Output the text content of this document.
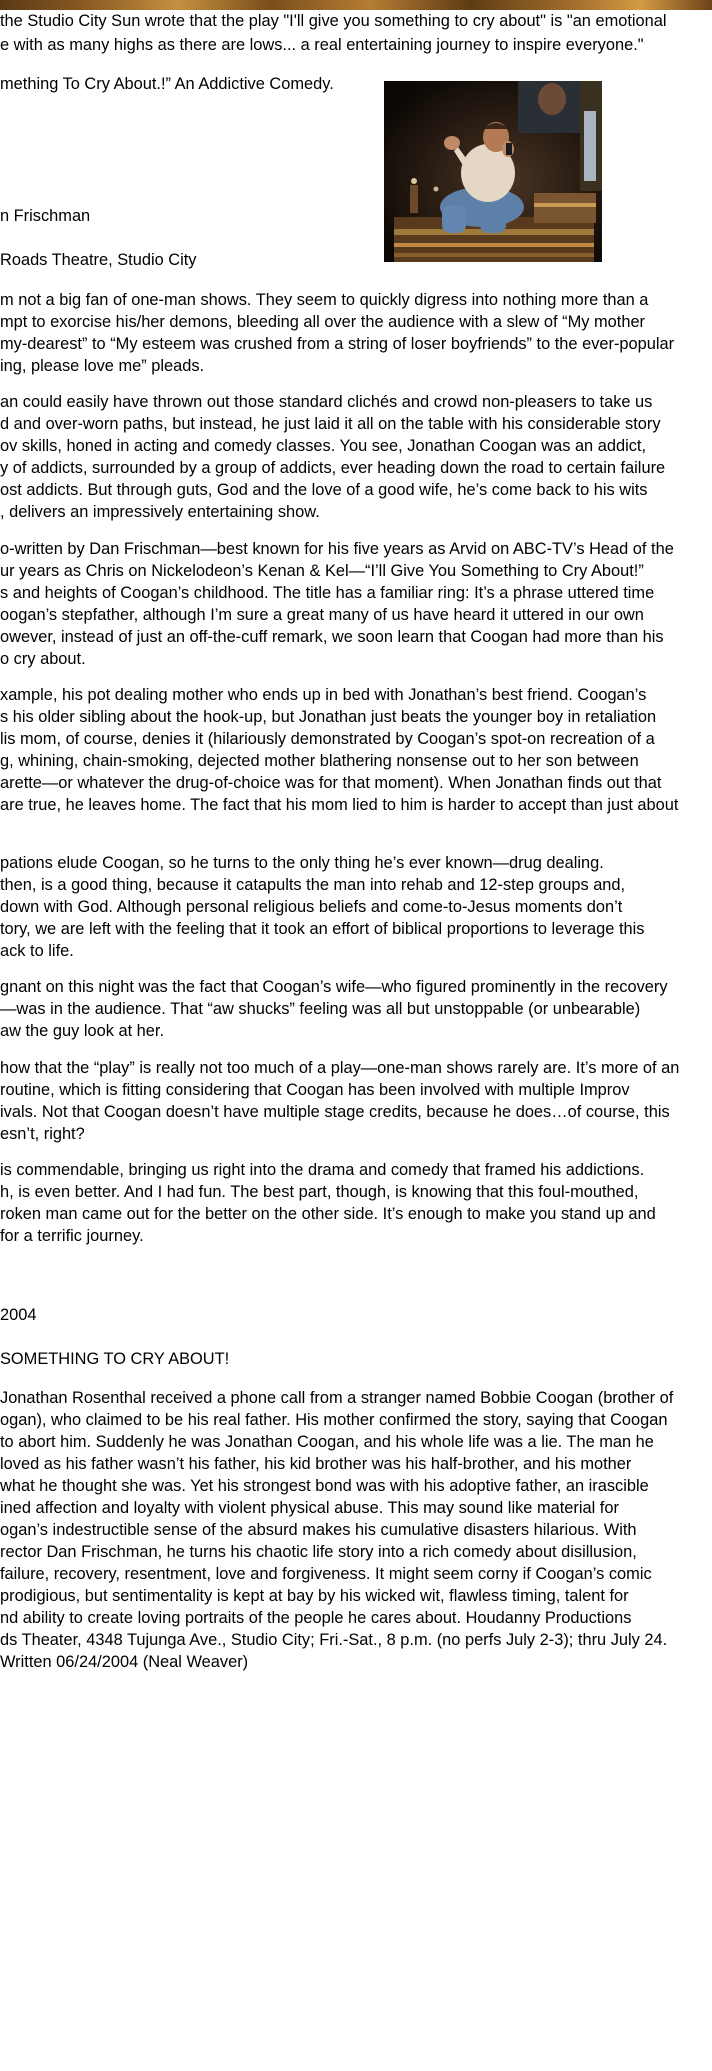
the Studio City Sun wrote that the play "I'll give you something to cry about" is "an emotional
e with as many highs as there are lows... a real entertaining journey to inspire everyone."
mething To Cry About.!” An Addictive Comedy.
n Frischman
Roads Theatre, Studio City
m not a big fan of one-man shows. They seem to quickly digress into nothing more than a
mpt to exorcise his/her demons, bleeding all over the audience with a slew of “My mother
my-dearest” to “My esteem was crushed from a string of loser boyfriends” to the ever-popular
ing, please love me” pleads.
an could easily have thrown out those standard clichés and crowd non-pleasers to take us
d and over-worn paths, but instead, he just laid it all on the table with his considerable story
ov skills, honed in acting and comedy classes. You see, Jonathan Coogan was an addict,
y of addicts, surrounded by a group of addicts, ever heading down the road to certain failure
ost addicts. But through guts, God and the love of a good wife, he’s come back to his wits
, delivers an impressively entertaining show.
o-written by Dan Frischman—best known for his five years as Arvid on ABC-TV’s Head of the
ur years as Chris on Nickelodeon’s Kenan & Kel—“I’ll Give You Something to Cry About!”
s and heights of Coogan’s childhood. The title has a familiar ring: It’s a phrase uttered time
oogan’s stepfather, although I’m sure a great many of us have heard it uttered in our own
owever, instead of just an off-the-cuff remark, we soon learn that Coogan had more than his
o cry about.
xample, his pot dealing mother who ends up in bed with Jonathan’s best friend. Coogan’s
s his older sibling about the hook-up, but Jonathan just beats the younger boy in retaliation
lis mom, of course, denies it (hilariously demonstrated by Coogan’s spot-on recreation of a
g, whining, chain-smoking, dejected mother blathering nonsense out to her son between
arette—or whatever the drug-of-choice was for that moment). When Jonathan finds out that
are true, he leaves home. The fact that his mom lied to him is harder to accept than just about
pations elude Coogan, so he turns to the only thing he’s ever known—drug dealing.
then, is a good thing, because it catapults the man into rehab and 12-step groups and,
down with God. Although personal religious beliefs and come-to-Jesus moments don’t
tory, we are left with the feeling that it took an effort of biblical proportions to leverage this
ack to life.
gnant on this night was the fact that Coogan’s wife—who figured prominently in the recovery
—was in the audience. That “aw shucks” feeling was all but unstoppable (or unbearable)
aw the guy look at her.
how that the “play” is really not too much of a play—one-man shows rarely are. It’s more of an
routine, which is fitting considering that Coogan has been involved with multiple Improv
ivals. Not that Coogan doesn’t have multiple stage credits, because he does…of course, this
esn’t, right?
is commendable, bringing us right into the drama and comedy that framed his addictions.
h, is even better. And I had fun. The best part, though, is knowing that this foul-mouthed,
roken man came out for the better on the other side. It’s enough to make you stand up and
for a terrific journey.
2004
SOMETHING TO CRY ABOUT!
Jonathan Rosenthal received a phone call from a stranger named Bobbie Coogan (brother of
ogan), who claimed to be his real father. His mother confirmed the story, saying that Coogan
to abort him. Suddenly he was Jonathan Coogan, and his whole life was a lie. The man he
loved as his father wasn’t his father, his kid brother was his half-brother, and his mother
what he thought she was. Yet his strongest bond was with his adoptive father, an irascible
ined affection and loyalty with violent physical abuse. This may sound like material for
ogan’s indestructible sense of the absurd makes his cumulative disasters hilarious. With
rector Dan Frischman, he turns his chaotic life story into a rich comedy about disillusion,
failure, recovery, resentment, love and forgiveness. It might seem corny if Coogan’s comic
prodigious, but sentimentality is kept at bay by his wicked wit, flawless timing, talent for
nd ability to create loving portraits of the people he cares about. Houdanny Productions
ds Theater, 4348 Tujunga Ave., Studio City; Fri.-Sat., 8 p.m. (no perfs July 2-3); thru July 24.
Written 06/24/2004 (Neal Weaver)
